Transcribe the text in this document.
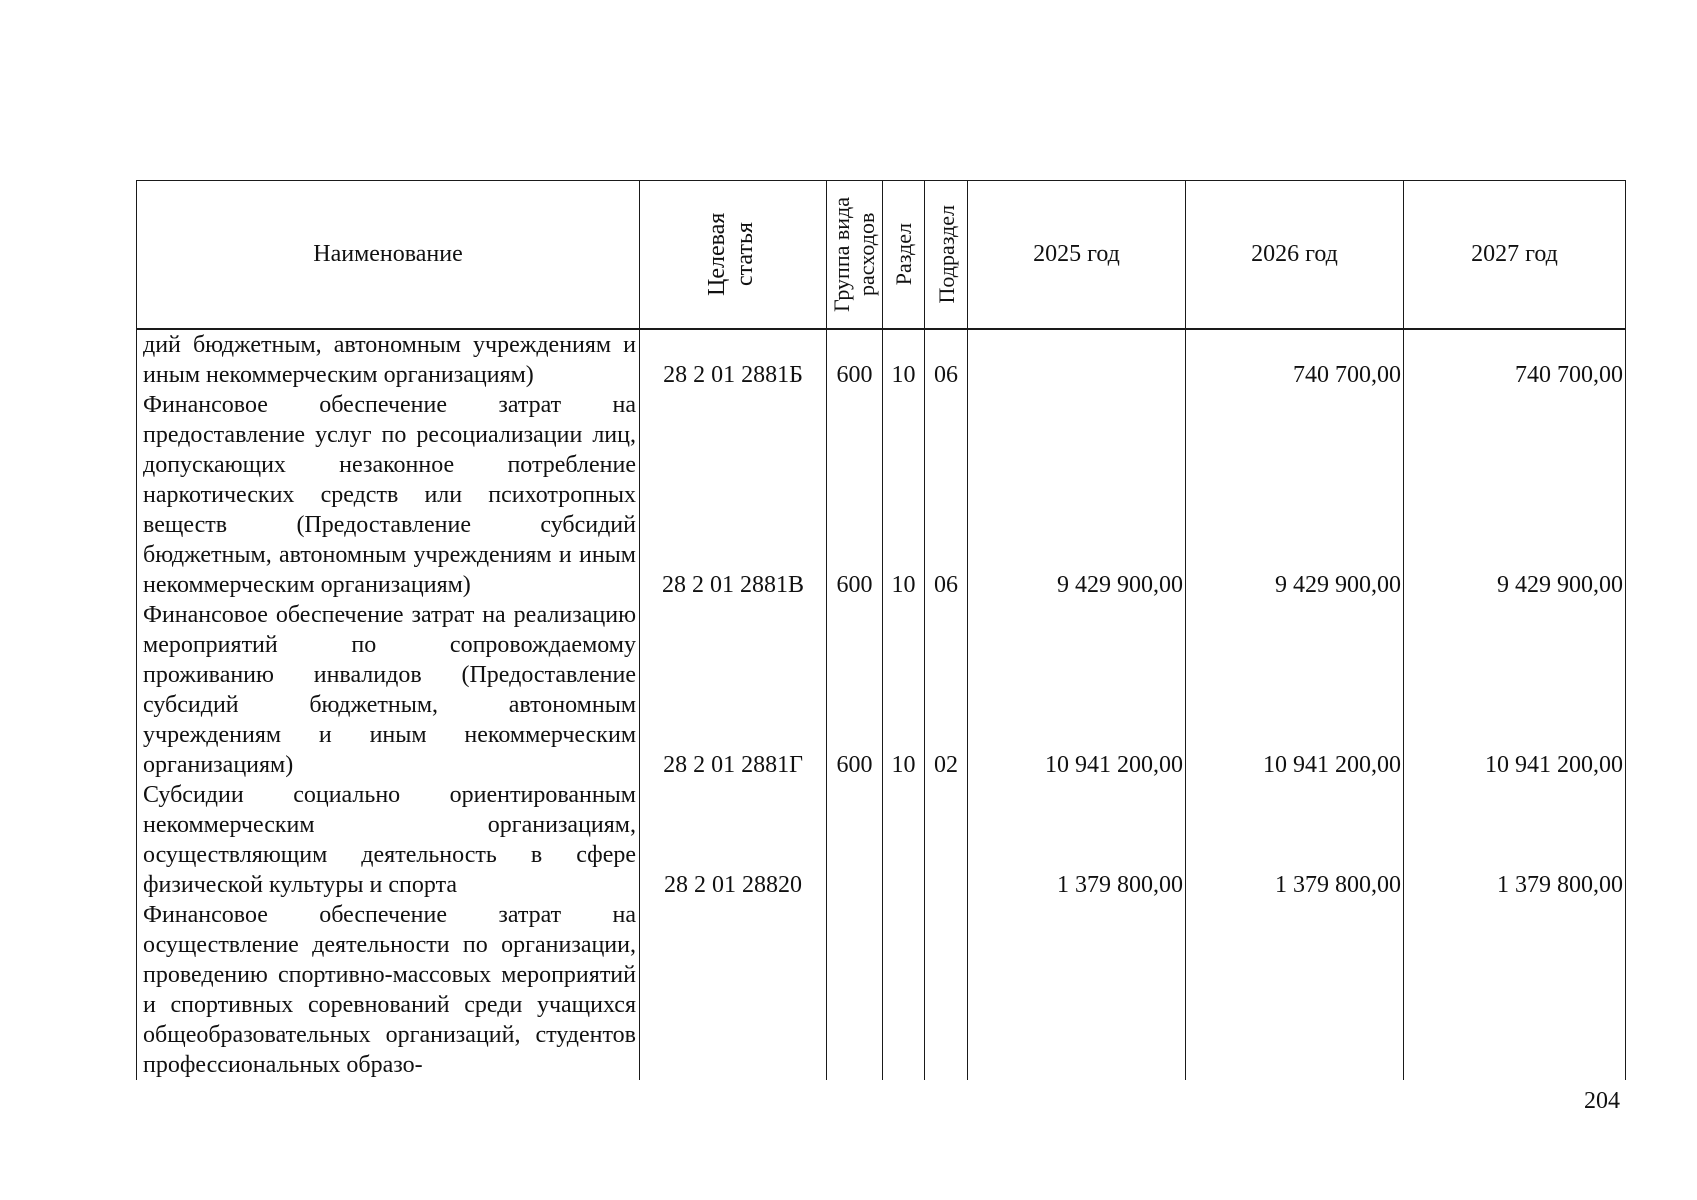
Наименование	Целевая статья	Группа вида расходов	Раздел	Подраздел	2025 год	2026 год	2027 год
дий бюджетным, автономным учреждениям и иным некоммерческим организациям)	28 2 01 2881Б	600	10	06		740 700,00	740 700,00
Финансовое обеспечение затрат на предоставление услуг по ресоциализации лиц, допускающих незаконное потребление наркотических средств или психотропных веществ (Предоставление субсидий бюджетным, автономным учреждениям и иным некоммерческим организациям)	28 2 01 2881В	600	10	06	9 429 900,00	9 429 900,00	9 429 900,00
Финансовое обеспечение затрат на реализацию мероприятий по сопровождаемому проживанию инвалидов (Предоставление субсидий бюджетным, автономным учреждениям и иным некоммерческим организациям)	28 2 01 2881Г	600	10	02	10 941 200,00	10 941 200,00	10 941 200,00
Субсидии социально ориентированным некоммерческим организациям, осуществляющим деятельность в сфере физической культуры и спорта	28 2 01 28820				1 379 800,00	1 379 800,00	1 379 800,00
Финансовое обеспечение затрат на осуществление деятельности по организации, проведению спортивно-массовых мероприятий и спортивных соревнований среди учащихся общеобразовательных организаций, студентов профессиональных образо-							
204
